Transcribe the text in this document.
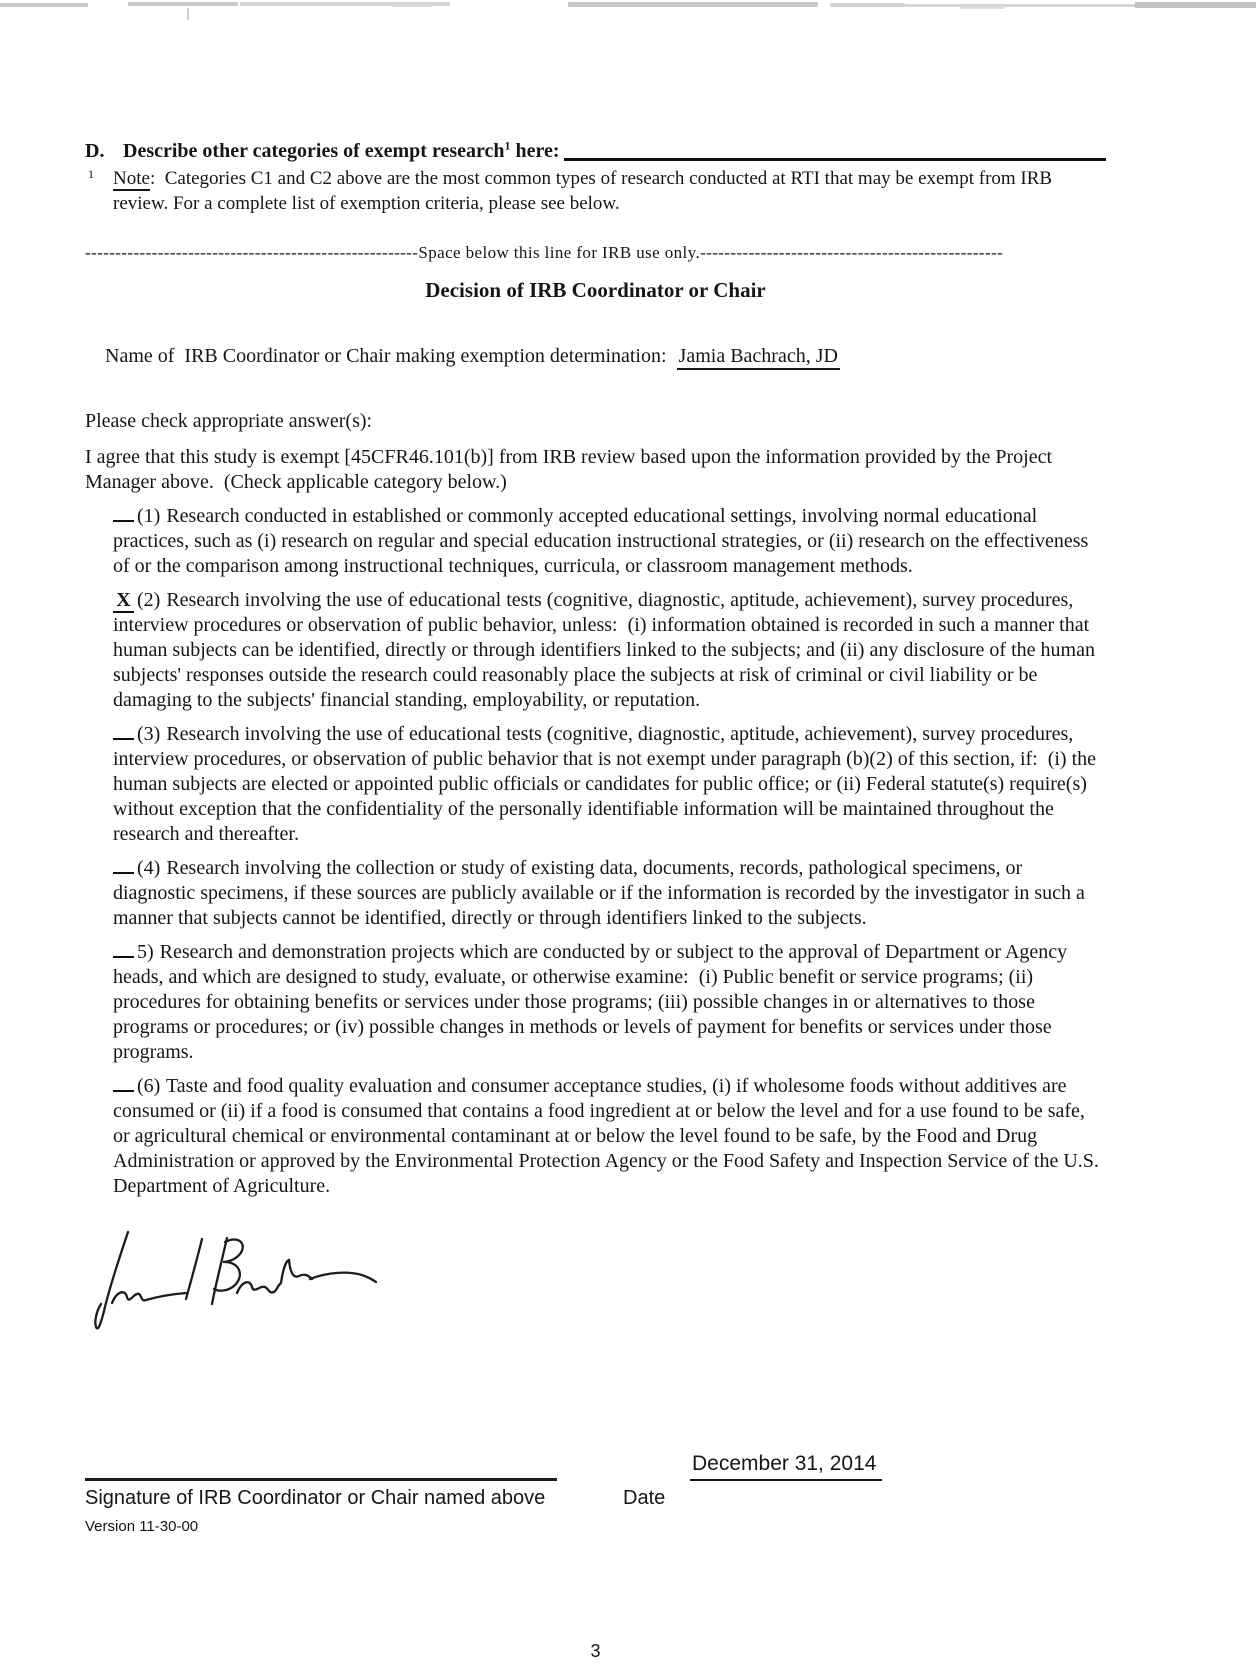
D. Describe other categories of exempt research$^1$ here:
1 Note:  Categories C1 and C2 above are the most common types of research conducted at RTI that may be exempt from IRB review. For a complete list of exemption criteria, please see below.
-------------------------------------------------------Space below this line for IRB use only.--------------------------------------------------
Decision of IRB Coordinator or Chair

Name of  IRB Coordinator or Chair making exemption determination:  Jamia Bachrach, JD

Please check appropriate answer(s):
I agree that this study is exempt [45CFR46.101(b)] from IRB review based upon the information provided by the Project Manager above.  (Check applicable category below.)

(1) Research conducted in established or commonly accepted educational settings, involving normal educational practices, such as (i) research on regular and special education instructional strategies, or (ii) research on the effectiveness of or the comparison among instructional techniques, curricula, or classroom management methods.

X (2) Research involving the use of educational tests (cognitive, diagnostic, aptitude, achievement), survey procedures, interview procedures or observation of public behavior, unless:  (i) information obtained is recorded in such a manner that human subjects can be identified, directly or through identifiers linked to the subjects; and (ii) any disclosure of the human subjects' responses outside the research could reasonably place the subjects at risk of criminal or civil liability or be damaging to the subjects' financial standing, employability, or reputation.

(3) Research involving the use of educational tests (cognitive, diagnostic, aptitude, achievement), survey procedures, interview procedures, or observation of public behavior that is not exempt under paragraph (b)(2) of this section, if:  (i) the human subjects are elected or appointed public officials or candidates for public office; or (ii) Federal statute(s) require(s) without exception that the confidentiality of the personally identifiable information will be maintained throughout the research and thereafter.

(4) Research involving the collection or study of existing data, documents, records, pathological specimens, or diagnostic specimens, if these sources are publicly available or if the information is recorded by the investigator in such a manner that subjects cannot be identified, directly or through identifiers linked to the subjects.

5) Research and demonstration projects which are conducted by or subject to the approval of Department or Agency heads, and which are designed to study, evaluate, or otherwise examine:  (i) Public benefit or service programs; (ii) procedures for obtaining benefits or services under those programs; (iii) possible changes in or alternatives to those programs or procedures; or (iv) possible changes in methods or levels of payment for benefits or services under those programs.

(6) Taste and food quality evaluation and consumer acceptance studies, (i) if wholesome foods without additives are consumed or (ii) if a food is consumed that contains a food ingredient at or below the level and for a use found to be safe, or agricultural chemical or environmental contaminant at or below the level found to be safe, by the Food and Drug Administration or approved by the Environmental Protection Agency or the Food Safety and Inspection Service of the U.S. Department of Agriculture.

December 31, 2014
Signature of IRB Coordinator or Chair named above	Date
Version 11-30-00
3
